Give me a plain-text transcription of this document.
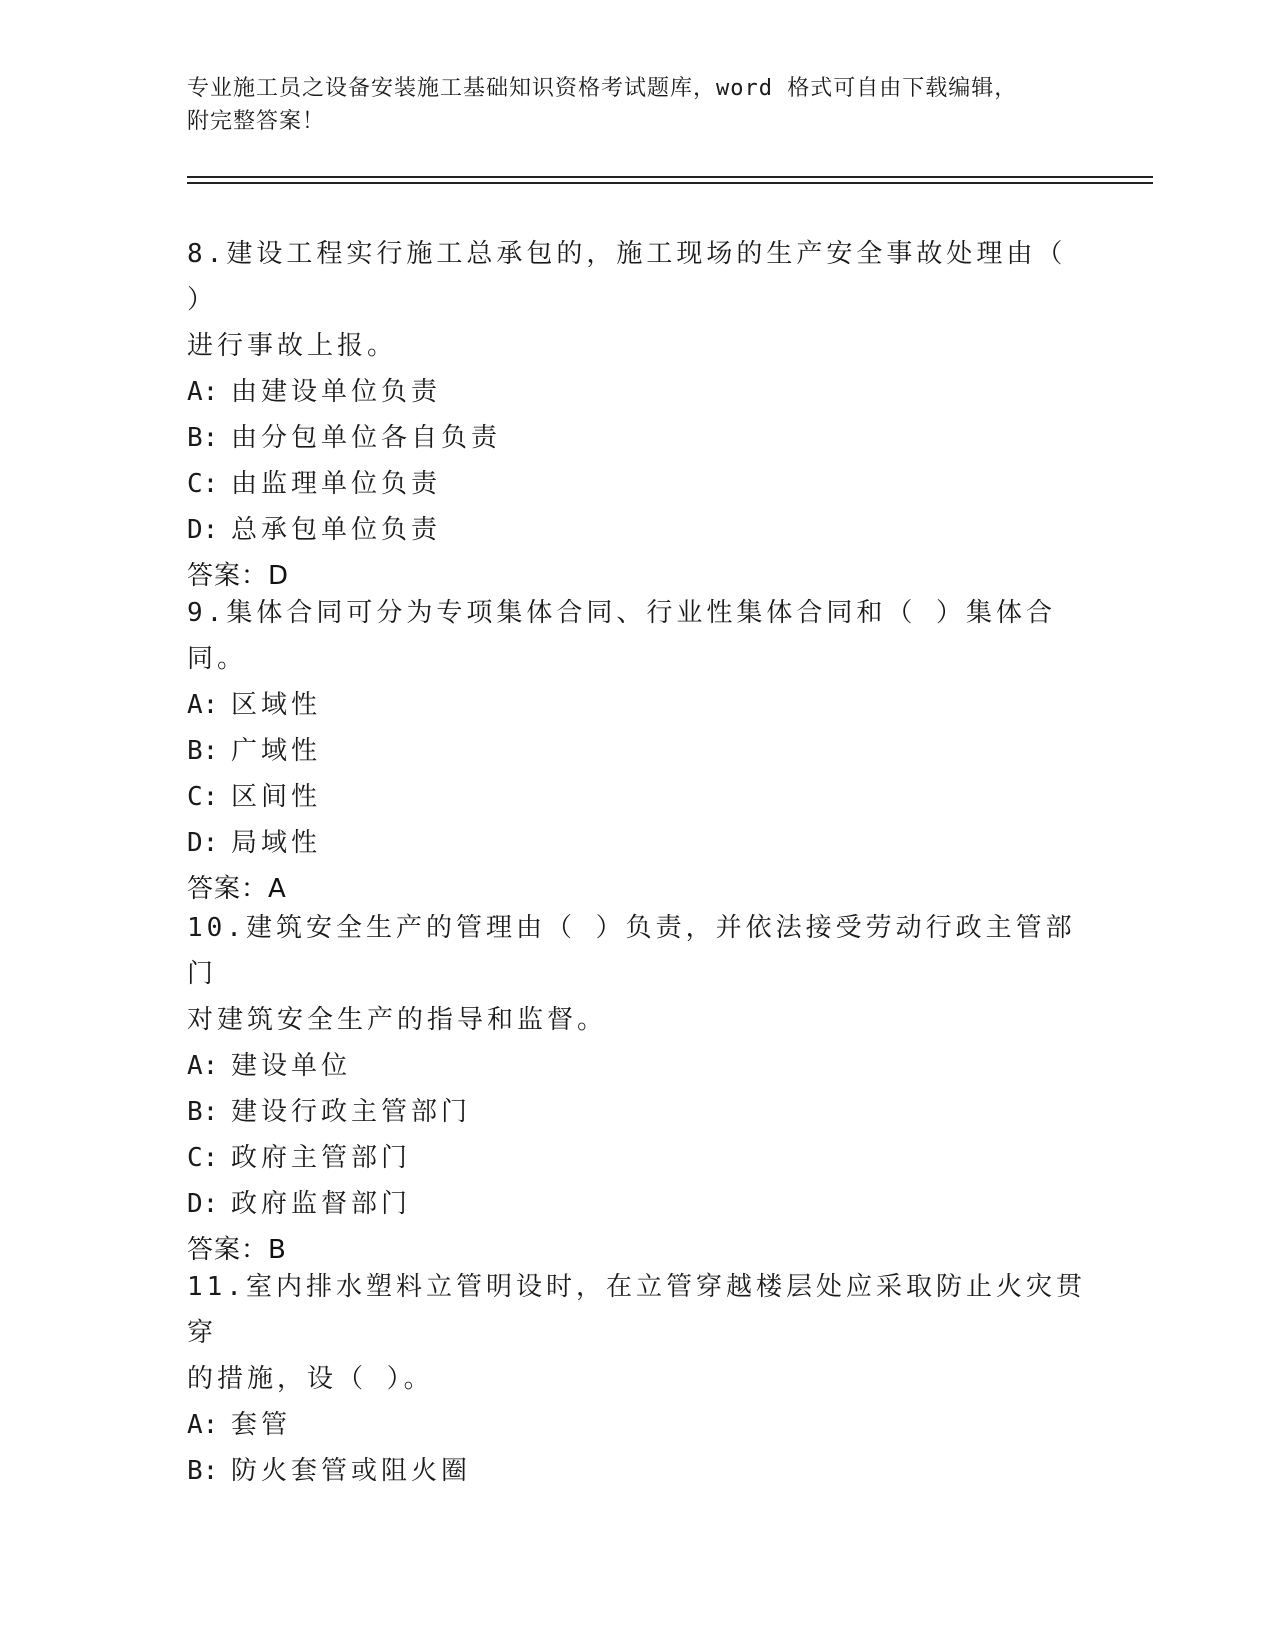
专业施工员之设备安装施工基础知识资格考试题库，word 格式可自由下载编辑，
附完整答案！
8.建设工程实行施工总承包的，施工现场的生产安全事故处理由（ ）
进行事故上报。
A: 由建设单位负责
B: 由分包单位各自负责
C: 由监理单位负责
D: 总承包单位负责
答案：D
9.集体合同可分为专项集体合同、行业性集体合同和（ ）集体合同。
A: 区域性
B: 广域性
C: 区间性
D: 局域性
答案：A
10.建筑安全生产的管理由（ ）负责，并依法接受劳动行政主管部门
对建筑安全生产的指导和监督。
A: 建设单位
B: 建设行政主管部门
C: 政府主管部门
D: 政府监督部门
答案：B
11.室内排水塑料立管明设时，在立管穿越楼层处应采取防止火灾贯穿
的措施，设（ ）。
A: 套管
B: 防火套管或阻火圈
